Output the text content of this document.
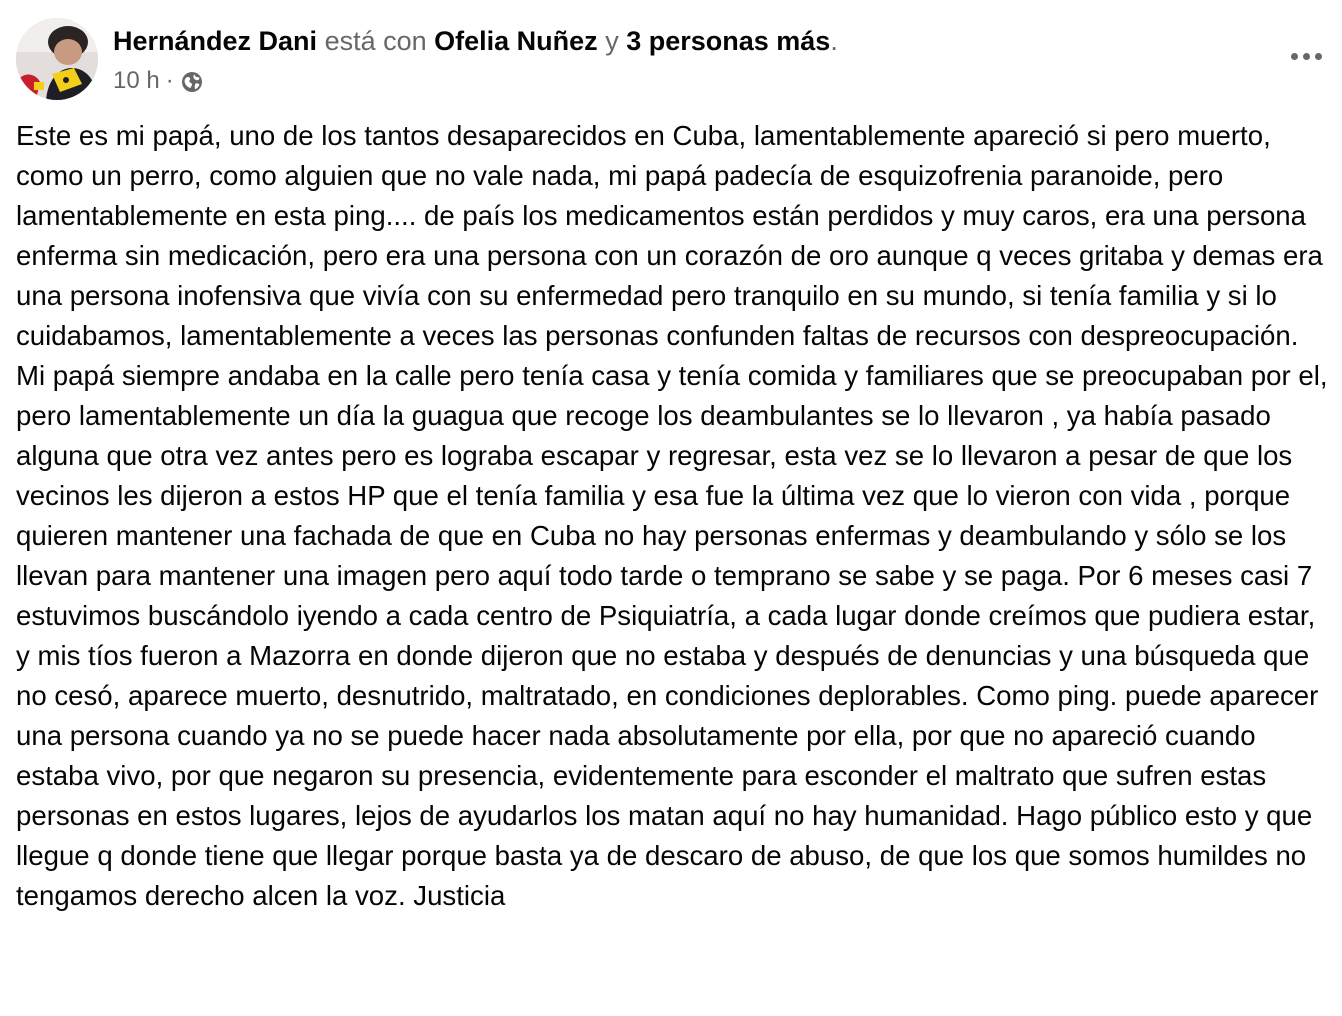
Hernández Dani está con Ofelia Nuñez y 3 personas más.
10 h ·
Este es mi papá, uno de los tantos desaparecidos en Cuba, lamentablemente apareció si pero muerto, como un perro, como alguien que no vale nada, mi papá padecía de esquizofrenia paranoide, pero lamentablemente en esta ping.... de país los medicamentos están perdidos y muy caros, era una persona enferma sin medicación, pero era una persona con un corazón de oro aunque q veces gritaba y demas era una persona inofensiva que vivía con su enfermedad pero tranquilo en su mundo, si tenía familia y si lo cuidabamos, lamentablemente a veces las personas confunden faltas de recursos con despreocupación. Mi papá siempre andaba en la calle pero tenía casa y tenía comida y familiares que se preocupaban por el, pero lamentablemente un día la guagua que recoge los deambulantes se lo llevaron , ya había pasado alguna que otra vez antes pero es lograba escapar y regresar, esta vez se lo llevaron a pesar de que los vecinos les dijeron a estos HP que el tenía familia y esa fue la última vez que lo vieron con vida , porque quieren mantener una fachada de que en Cuba no hay personas enfermas y deambulando y sólo se los llevan para mantener una imagen pero aquí todo tarde o temprano se sabe y se paga. Por 6 meses casi 7 estuvimos buscándolo iyendo a cada centro de Psiquiatría, a cada lugar donde creímos que pudiera estar, y mis tíos fueron a Mazorra en donde dijeron que no estaba y después de denuncias y una búsqueda que no cesó, aparece muerto, desnutrido, maltratado, en condiciones deplorables. Como ping. puede aparecer una persona cuando ya no se puede hacer nada absolutamente por ella, por que no apareció cuando estaba vivo, por que negaron su presencia, evidentemente para esconder el maltrato que sufren estas personas en estos lugares, lejos de ayudarlos los matan aquí no hay humanidad. Hago público esto y que llegue q donde tiene que llegar porque basta ya de descaro de abuso, de que los que somos humildes no tengamos derecho alcen la voz. Justicia
